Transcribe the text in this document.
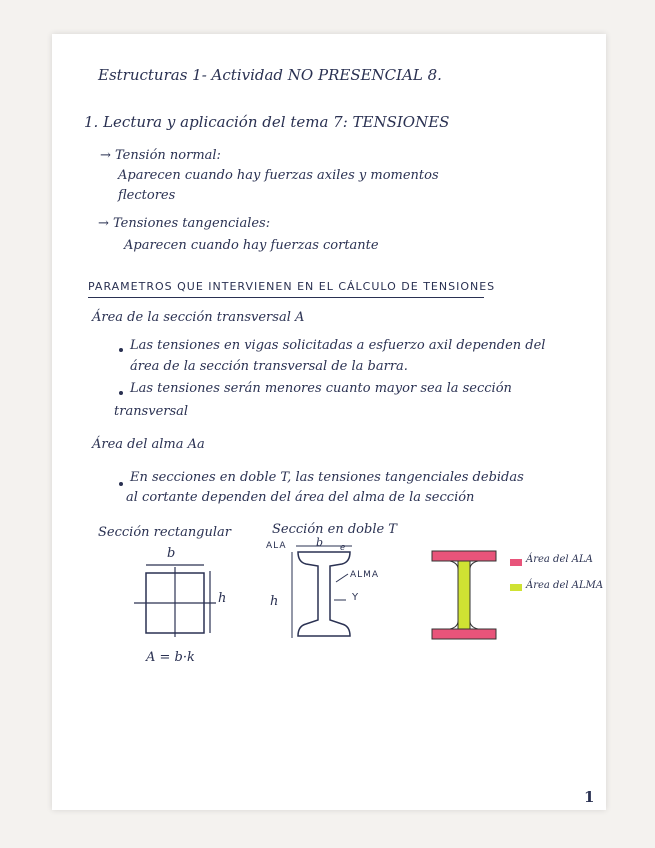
Estructuras 1- Actividad NO PRESENCIAL 8.
1. Lectura y aplicación del tema 7: TENSIONES
→ Tensión normal:
Aparecen cuando hay fuerzas axiles y momentos
flectores
→ Tensiones tangenciales:
Aparecen cuando hay fuerzas cortante
PARAMETROS QUE INTERVIENEN EN EL CÁLCULO DE TENSIONES
Área de la sección transversal A
Las tensiones en vigas solicitadas a esfuerzo axil dependen del
área de la sección transversal de la barra.
Las tensiones serán menores cuanto mayor sea la sección
transversal
Área del alma Aa
En secciones en doble T, las tensiones tangenciales debidas
al cortante dependen del área del alma de la sección
Sección rectangular	Sección en doble T
b
h
A = b·k
ALA	b e
ALMA
h	Y
Área del ALA
Área del ALMA
1
